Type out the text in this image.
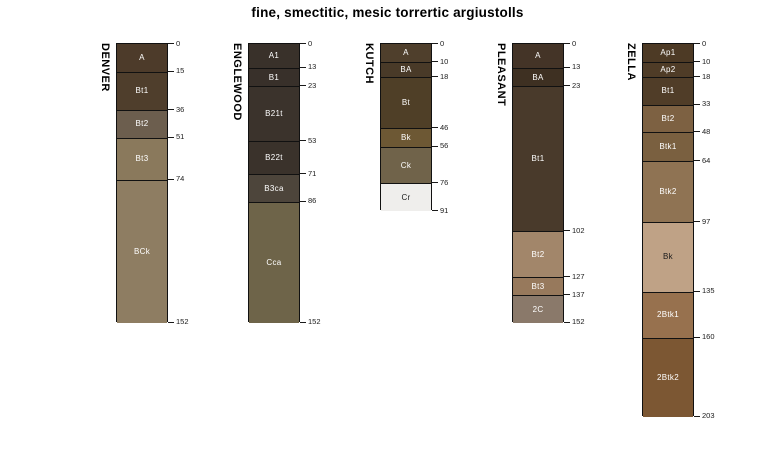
fine, smectitic, mesic torrertic argiustolls
DENVER	A
Bt1
Bt2
Bt3
BCk
0
15
36
51
74
152
ENGLEWOOD	A1
B1
B21t
B22t
B3ca
Cca
0
13
23
53
71
86
152
KUTCH	A
BA
Bt
Bk
Ck
Cr
0
10
18
46
56
76
91
PLEASANT	A
BA
Bt1
Bt2
Bt3
2C
0
13
23
102
127
137
152
ZELLA	Ap1
Ap2
Bt1
Bt2
Btk1
Btk2
Bk
2Btk1
2Btk2
0
10
18
33
48
64
97
135
160
203
